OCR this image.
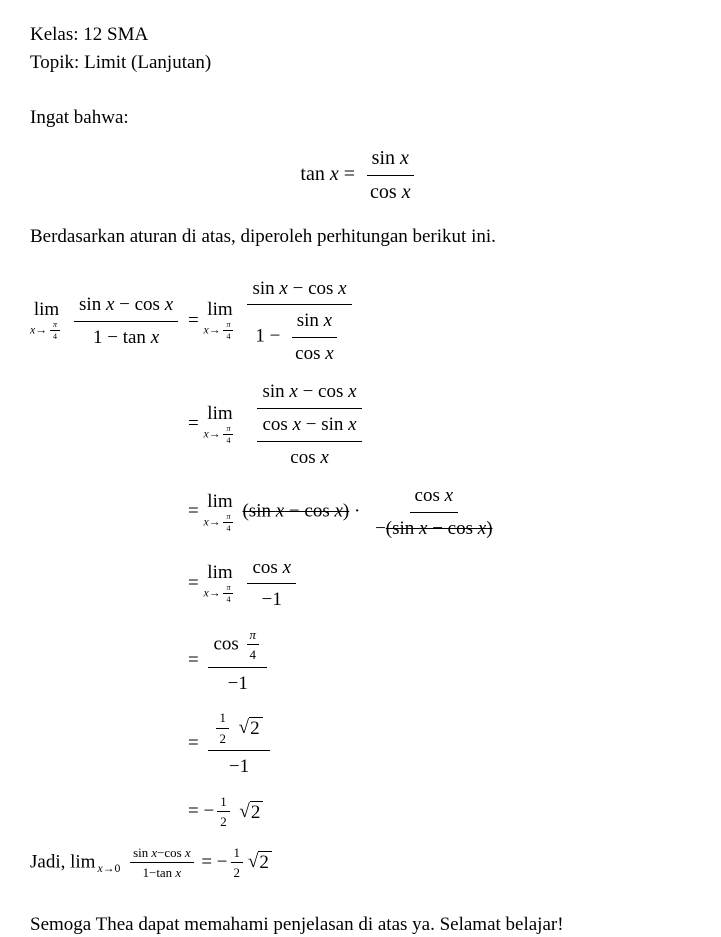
Kelas: 12 SMA

Topik: Limit (Lanjutan)

Ingat bahwa:

$\tan x = \frac{\text{sin x}}{\text{cos x}}$

Berdasarkan aturan di atas, diperoleh perhitungan berikut ini.

lim
$x\to \frac{\pi}{4} \frac{\text{sin x − cos x}}{\text{1 − tan x}} = \lim$
$x\to \frac{\pi}{4} \frac{\text{sin x − cos x}}{1 - \frac{\text{sin x}}{\text{cos x}}}$
= lim
$x\to \frac{\pi}{4} \frac{\text{sin x − cos x}}{\frac{\text{cos x − sin x}}{\text{cos x}}}$
= lim
$x\to \frac{\pi}{4}$
(sin $x - \cos x) \cdot \frac{\text{cos x}}{\text{−(sin x − cos x)}}$
= lim
$x\to \frac{\pi}{4} \frac{\text{cos x}}{-1}$
= $\frac{\cos \frac{\pi}{4}}{-1}$
= $\frac{1}{2}$
√ 2
−1
= − $\frac{1}{2}$
√ 2
Jadi, $\lim _{x\to 0} \frac{\text{sin x−cos x}}{\text{1−tan x}}$ = − $\frac{1}{2}$ √ 2

Semoga Thea dapat memahami penjelasan di atas ya. Selamat belajar!
